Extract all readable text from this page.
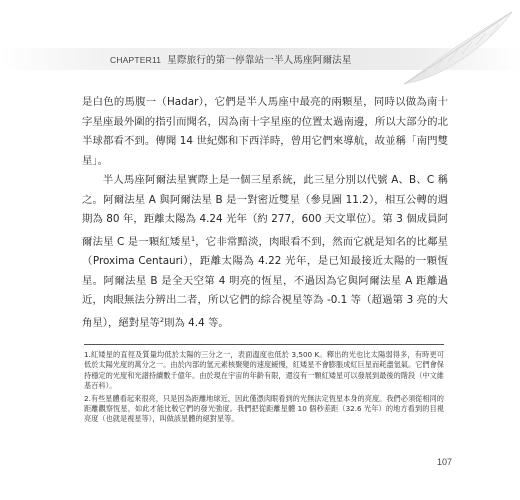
CHAPTER11 星際旅行的第一停靠站一半人馬座阿爾法星

是白色的馬腹一（Hadar），它們是半人馬座中最亮的兩顆星，同時以做為南十字星座最外圍的指引而聞名，因為南十字星座的位置太過南邊，所以大部分的北半球都看不到。傳聞 14 世紀鄭和下西洋時，曾用它們來導航，故並稱「南門雙星」。

半人馬座阿爾法星實際上是一個三星系統，此三星分別以代號 A、B、C 稱之。阿爾法星 A 與阿爾法星 B 是一對密近雙星（參見圖 11.2），相互公轉的週期為 80 年，距離太陽為 4.24 光年（約 277，600 天文單位）。第 3 個成員阿爾法星 C 是一顆紅矮星$^1$，它非常黯淡，肉眼看不到，然而它就是知名的比鄰星（Proxima Centauri），距離太陽為 4.22 光年，是已知最接近太陽的一顆恆星。阿爾法星 B 是全天空第 4 明亮的恆星，不過因為它與阿爾法星 A 距離過近，肉眼無法分辨出二者，所以它們的綜合視星等為 -0.1 等（超過第 3 亮的大角星），絕對星等$^2$則為 4.4 等。

1.紅矮星的直徑及質量均低於太陽的三分之一，表面溫度也低於 3,500 K。釋出的光也比太陽弱得多，有時更可低於太陽光度的萬分之一。由於內部的氫元素核聚變的速度緩慢，紅矮星不會膨脹成紅巨星而耗盡氫氣。它們會保持穩定的光度和光譜持續數千億年。由於現在宇宙的年齡有限，還沒有一顆紅矮星可以發展到最後的階段（中文維基百科）。

2.有些星體看起來很亮，只是因為距離地球近，因此僅憑肉眼看到的光無法定恆星本身的亮度。我們必須從相同的距離觀察恆星，如此才能比較它們的發光強度。我們把從距離星體 10 個秒差距（32.6 光年）的地方看到的目視亮度（也就是視星等），叫做該星體的絕對星等。

107
